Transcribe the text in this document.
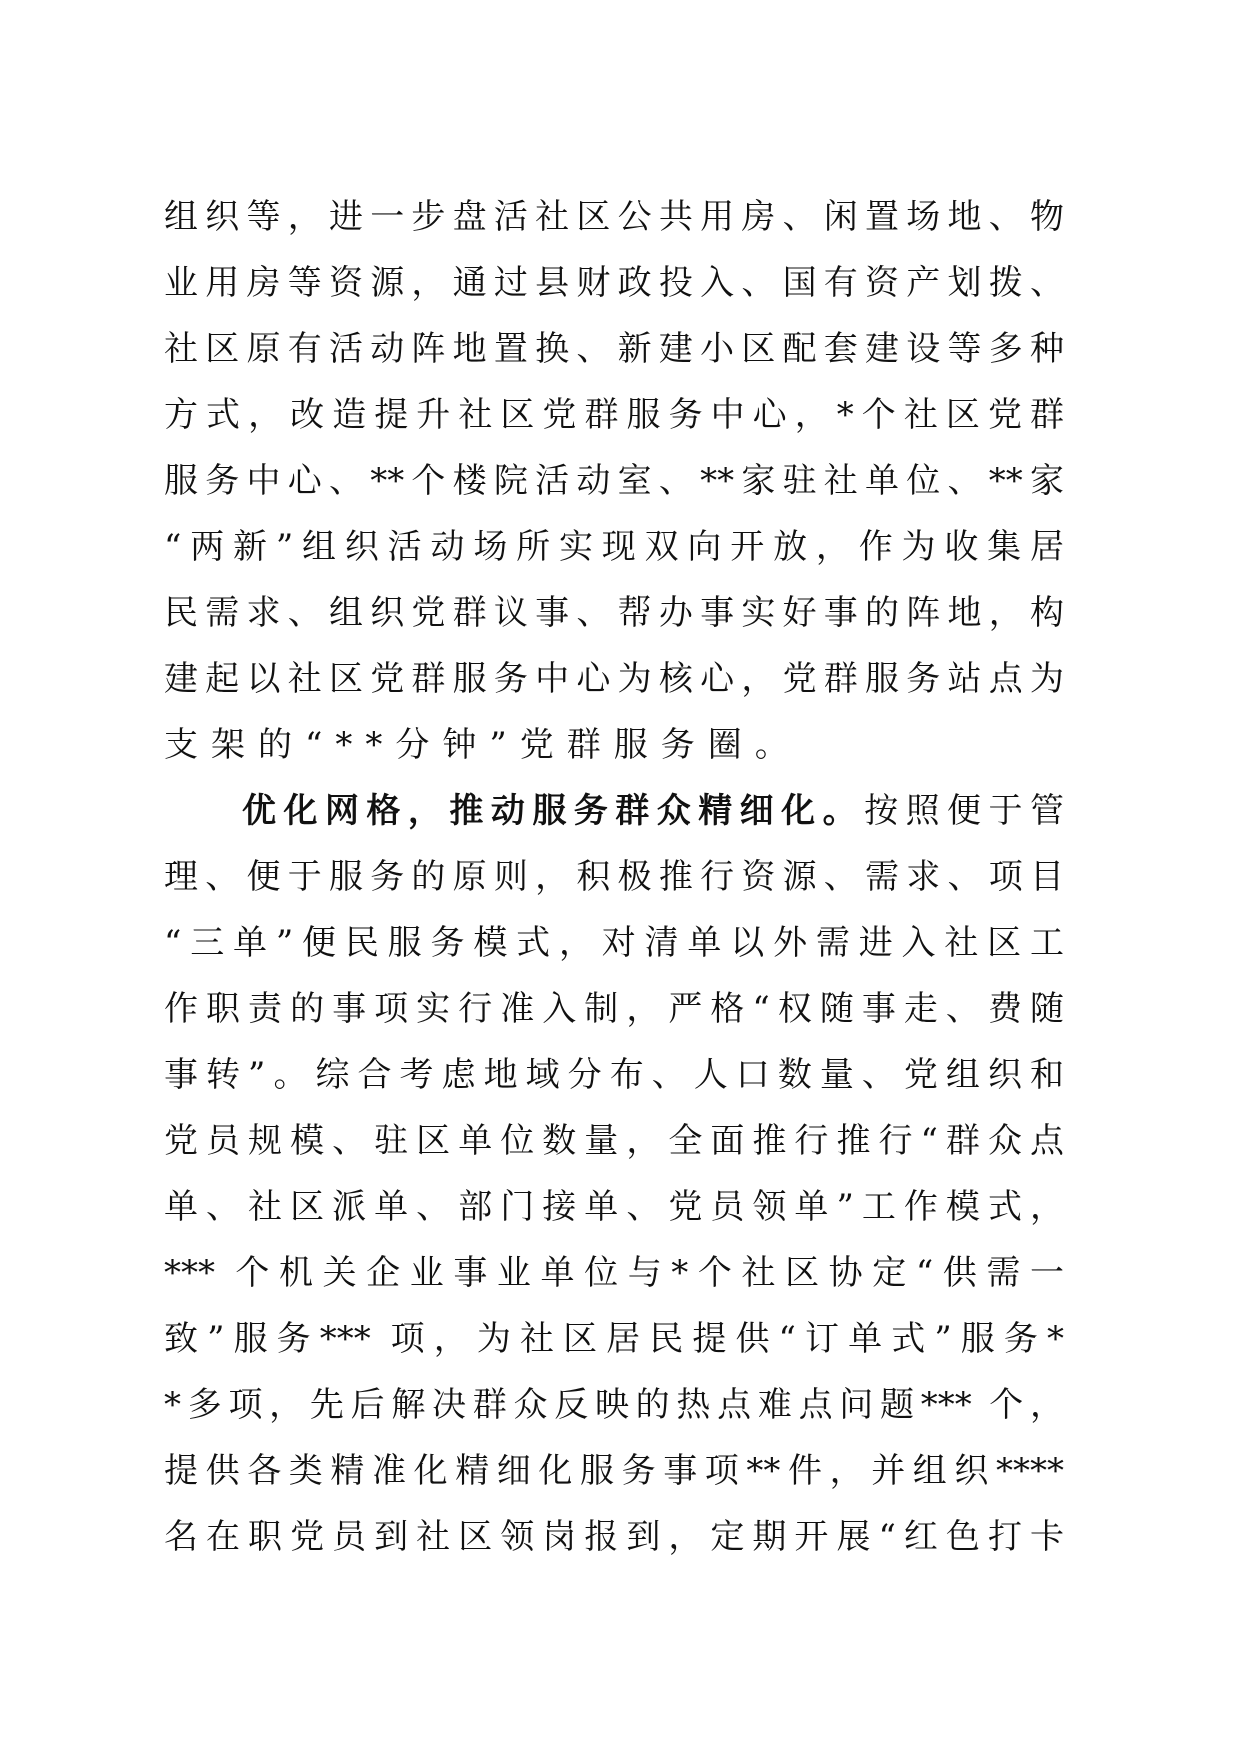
组织等，进一步盘活社区公共用房、闲置场地、物
业用房等资源，通过县财政投入、国有资产划拨、
社区原有活动阵地置换、新建小区配套建设等多种
方式，改造提升社区党群服务中心，*个社区党群
服务中心、**个楼院活动室、**家驻社单位、**家
“两新”组织活动场所实现双向开放，作为收集居
民需求、组织党群议事、帮办事实好事的阵地，构
建起以社区党群服务中心为核心，党群服务站点为
支架的“**分钟”党群服务圈。
优化网格，推动服务群众精细化。按照便于管
理、便于服务的原则，积极推行资源、需求、项目
“三单”便民服务模式，对清单以外需进入社区工
作职责的事项实行准入制，严格“权随事走、费随
事转”。综合考虑地域分布、人口数量、党组织和
党员规模、驻区单位数量，全面推行推行“群众点
单、社区派单、部门接单、党员领单”工作模式，
*** 个机关企业事业单位与*个社区协定“供需一
致”服务*** 项，为社区居民提供“订单式”服务*
*多项，先后解决群众反映的热点难点问题*** 个，
提供各类精准化精细化服务事项**件，并组织****
名在职党员到社区领岗报到，定期开展“红色打卡
